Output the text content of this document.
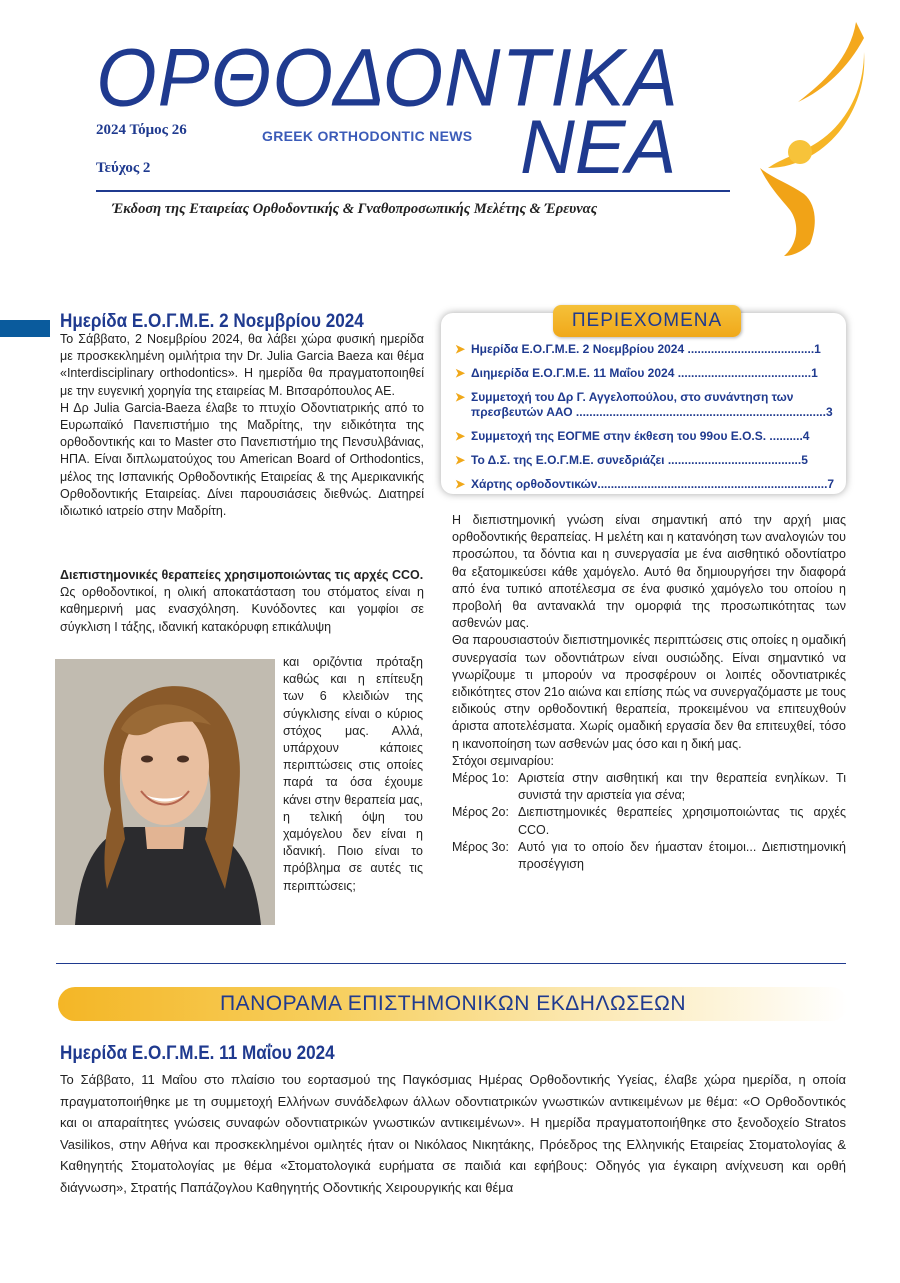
ΟΡΘΟΔΟΝΤΙΚΑ
2024 Τόμος 26	GREEK ORTHODONTIC NEWS ΝΕΑ
Τεύχος 2
Έκδοση της Εταιρείας Ορθοδοντικής & Γναθοπροσωπικής Μελέτης & Έρευνας
Ημερίδα Ε.Ο.Γ.Μ.Ε. 2 Νοεμβρίου 2024

Το Σάββατο, 2 Νοεμβρίου 2024, θα λάβει χώρα φυσική ημερίδα με προσκεκλημένη ομιλήτρια την Dr. Julia Garcia Baeza και θέμα «Interdisciplinary orthodontics». Η ημερίδα θα πραγματοποιηθεί με την ευγενική χορηγία της εταιρείας Μ. Βιτσαρόπουλος ΑΕ.

Η Δρ Julia Garcia-Baeza έλαβε το πτυχίο Οδοντιατρικής από το Ευρωπαϊκό Πανεπιστήμιο της Μαδρίτης, την ειδικότητα της ορθοδοντικής και το Master στο Πανεπιστήμιο της Πενσυλβάνιας, ΗΠΑ. Είναι διπλωματούχος του American Board of Orthodontics, μέλος της Ισπανικής Ορθοδοντικής Εταιρείας & της Αμερικανικής Ορθοδοντικής Εταιρείας. Δίνει παρουσιάσεις διεθνώς. Διατηρεί ιδιωτικό ιατρείο στην Μαδρίτη.

Διεπιστημονικές θεραπείες χρησιμοποιώντας τις αρχές CCO.

Ως ορθοδοντικοί, η ολική αποκατάσταση του στόματος είναι η καθημερινή μας ενασχόληση. Κυνόδοντες και γομφίοι σε σύγκλιση Ι τάξης, ιδανική κατακόρυφη επικάλυψη

και οριζόντια πρόταξη καθώς και η επίτευξη των 6 κλειδιών της σύγκλισης είναι ο κύριος στόχος μας. Αλλά, υπάρχουν κάποιες περιπτώσεις στις οποίες παρά τα όσα έχουμε κάνει στην θεραπεία μας, η τελική όψη του χαμόγελου δεν είναι η ιδανική. Ποιο είναι το πρόβλημα σε αυτές τις περιπτώσεις;

ΠΕΡΙΕΧΟΜΕΝΑ
➤ Ημερίδα Ε.Ο.Γ.Μ.Ε. 2 Νοεμβρίου 2024 ......................................1
➤ Διημερίδα Ε.Ο.Γ.Μ.Ε. 11 Μαΐου 2024 ........................................1
➤ Συμμετοχή του Δρ Γ. Αγγελοπούλου, στο συνάντηση των πρεσβευτών ΑΑΟ ...........................................................................3
➤ Συμμετοχή της ΕΟΓΜΕ στην έκθεση του 99ου E.O.S. ..........4
➤ Το Δ.Σ. της Ε.Ο.Γ.Μ.Ε. συνεδριάζει ........................................5
➤ Χάρτης ορθοδοντικών.....................................................................7

Η διεπιστημονική γνώση είναι σημαντική από την αρχή μιας ορθοδοντικής θεραπείας. Η μελέτη και η κατανόηση των αναλογιών του προσώπου, τα δόντια και η συνεργασία με ένα αισθητικό οδοντίατρο θα εξατομικεύσει κάθε χαμόγελο. Αυτό θα δημιουργήσει την διαφορά από ένα τυπικό αποτέλεσμα σε ένα φυσικό χαμόγελο του οποίου η προβολή θα αντανακλά την ομορφιά της προσωπικότητας των ασθενών μας.

Θα παρουσιαστούν διεπιστημονικές περιπτώσεις στις οποίες η ομαδική συνεργασία των οδοντιάτρων είναι ουσιώδης. Είναι σημαντικό να γνωρίζουμε τι μπορούν να προσφέρουν οι λοιπές οδοντιατρικές ειδικότητες στον 21ο αιώνα και επίσης πώς να συνεργαζόμαστε με τους ειδικούς στην ορθοδοντική θεραπεία, προκειμένου να επιτευχθούν άριστα αποτελέσματα. Χωρίς ομαδική εργασία δεν θα επιτευχθεί, τόσο η ικανοποίηση των ασθενών μας όσο και η δική μας.

Στόχοι σεμιναρίου:

Μέρος 1ο: Αριστεία στην αισθητική και την θεραπεία ενηλίκων. Τι συνιστά την αριστεία για σένα;
Μέρος 2ο: Διεπιστημονικές θεραπείες χρησιμοποιώντας τις αρχές CCO.
Μέρος 3ο: Αυτό για το οποίο δεν ήμασταν έτοιμοι... Διεπιστημονική προσέγγιση
ΠΑΝΟΡΑΜΑ ΕΠΙΣΤΗΜΟΝΙΚΩΝ ΕΚΔΗΛΩΣΕΩΝ
Ημερίδα Ε.Ο.Γ.Μ.Ε. 11 Μαΐου 2024
Το Σάββατο, 11 Μαΐου στο πλαίσιο του εορτασμού της Παγκόσμιας Ημέρας Ορθοδοντικής Υγείας, έλαβε χώρα ημερίδα, η οποία πραγματοποιήθηκε με τη συμμετοχή Ελλήνων συνάδελφων άλλων οδοντιατρικών γνωστικών αντικειμένων με θέμα: «Ο Ορθοδοντικός και οι απαραίτητες γνώσεις συναφών οδοντιατρικών γνωστικών αντικειμένων». Η ημερίδα πραγματοποιήθηκε στο ξενοδοχείο Stratos Vasilikos, στην Αθήνα και προσκεκλημένοι ομιλητές ήταν οι Νικόλαος Νικητάκης, Πρόεδρος της Ελληνικής Εταιρείας Στοματολογίας & Καθηγητής Στοματολογίας με θέμα «Στοματολογικά ευρήματα σε παιδιά και εφήβους: Οδηγός για έγκαιρη ανίχνευση και ορθή διάγνωση», Στρατής Παπάζογλου Καθηγητής Οδοντικής Χειρουργικής και θέμα
